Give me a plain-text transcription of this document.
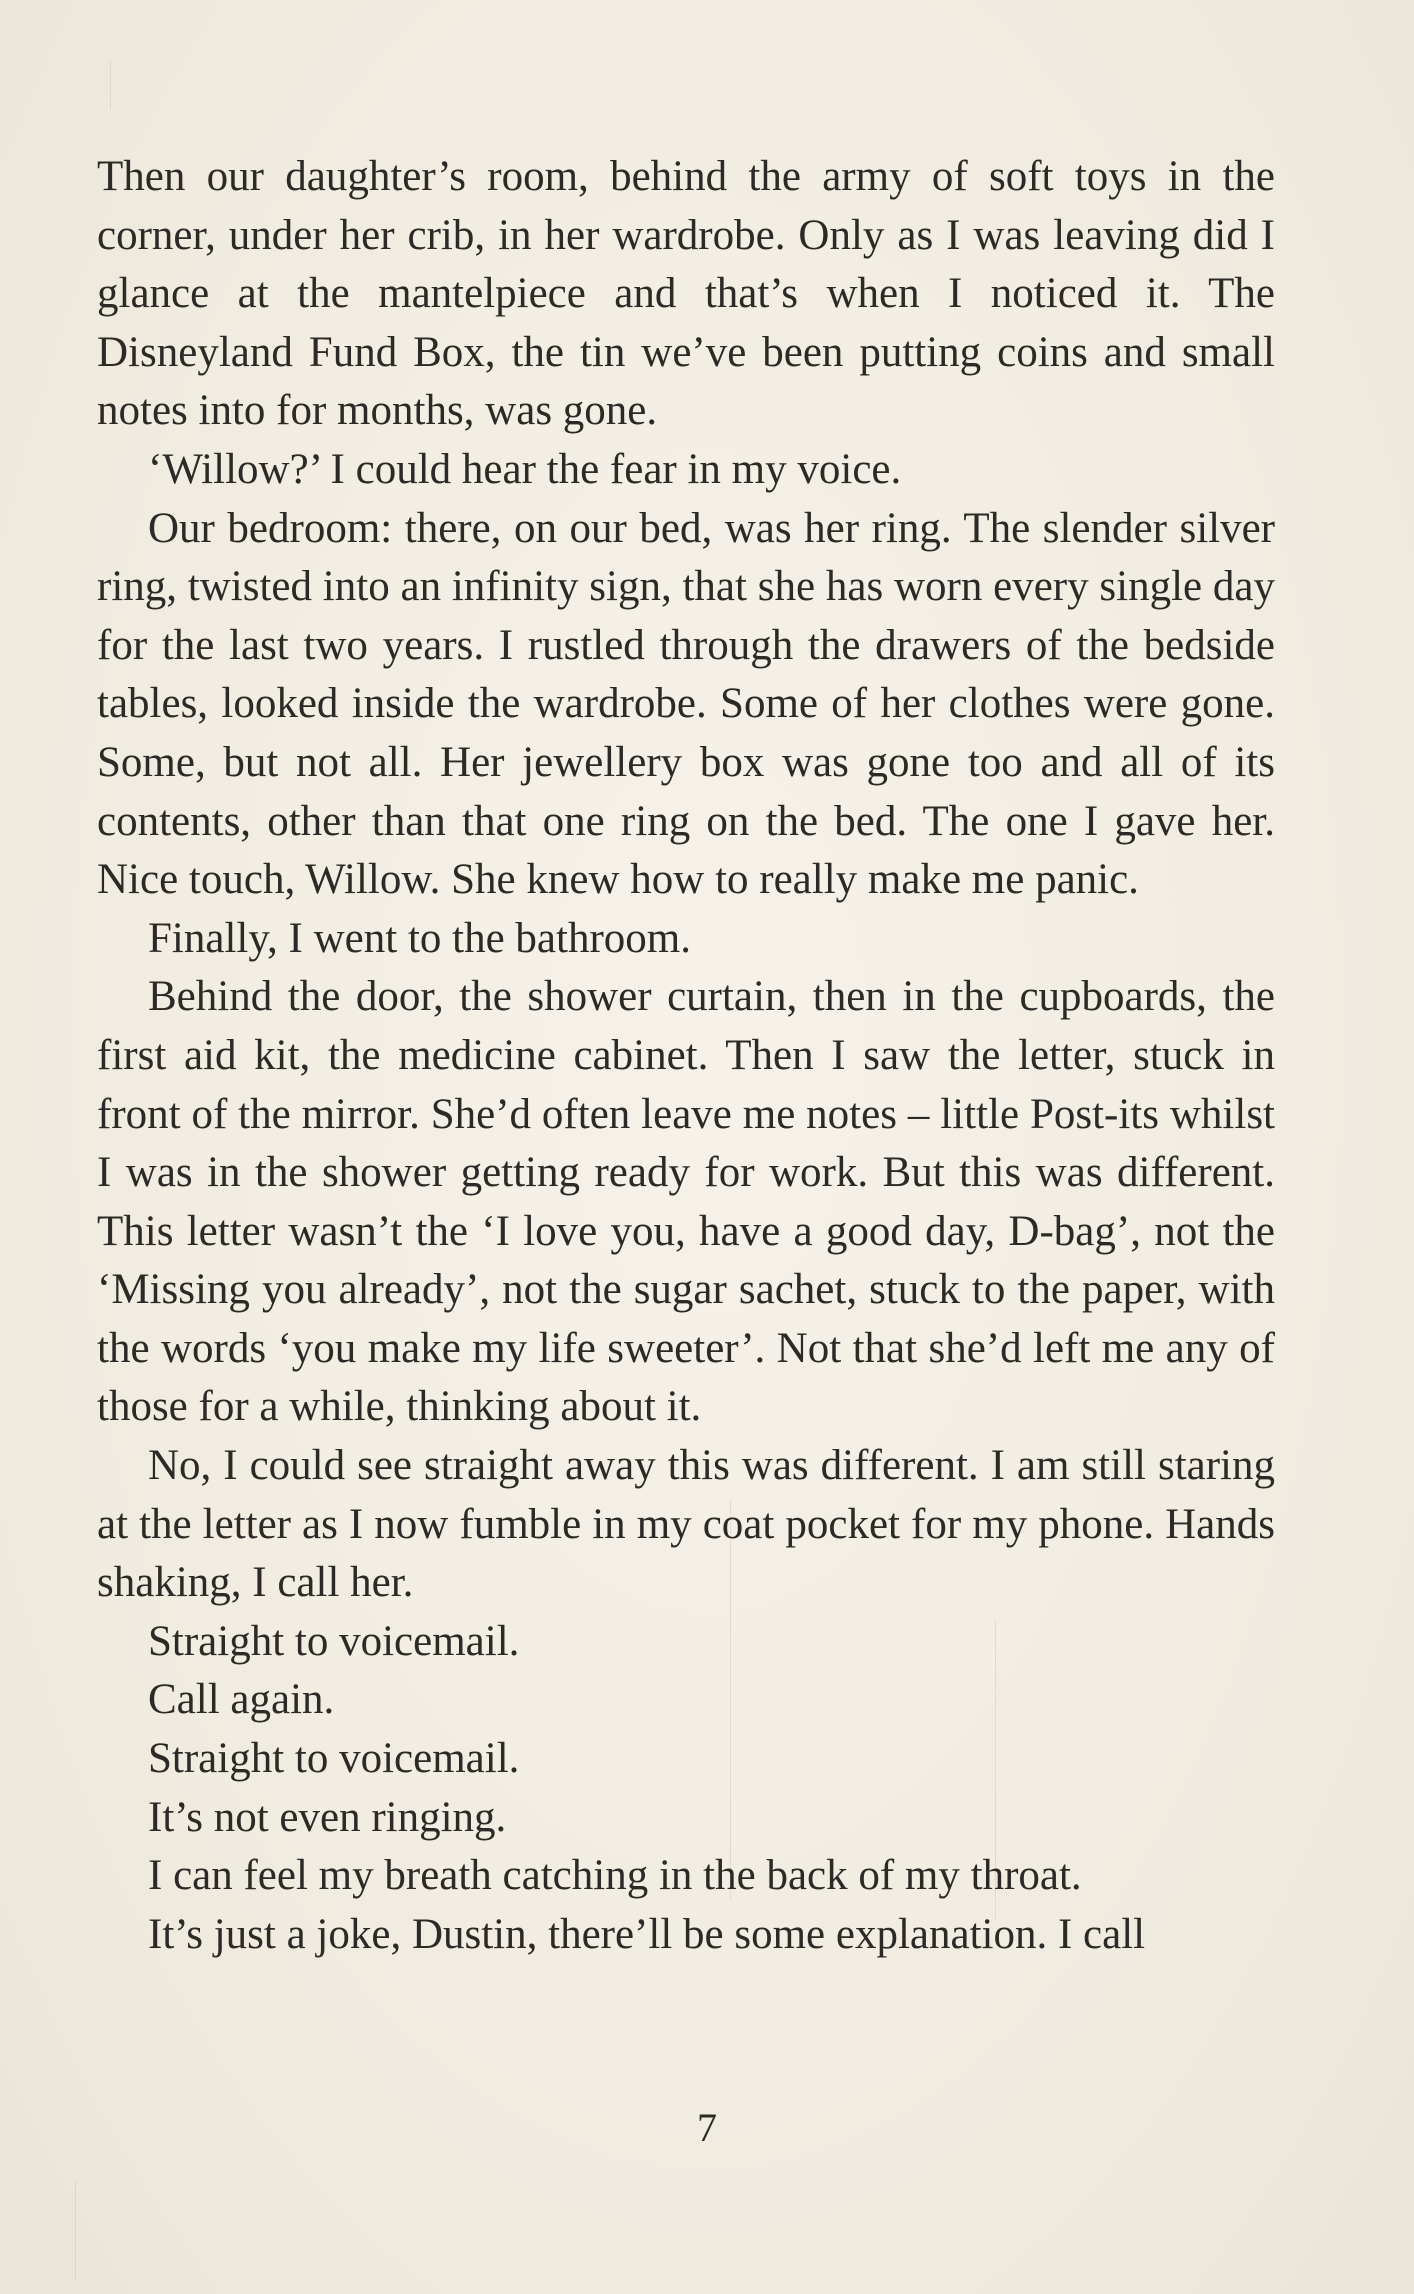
Then our daughter’s room, behind the army of soft toys in the corner, under her crib, in her wardrobe. Only as I was leaving did I glance at the mantelpiece and that’s when I noticed it. The Disneyland Fund Box, the tin we’ve been putting coins and small notes into for months, was gone.

‘Willow?’ I could hear the fear in my voice.

Our bedroom: there, on our bed, was her ring. The slender silver ring, twisted into an infinity sign, that she has worn every single day for the last two years. I rustled through the drawers of the bedside tables, looked inside the wardrobe. Some of her clothes were gone. Some, but not all. Her jewellery box was gone too and all of its contents, other than that one ring on the bed. The one I gave her. Nice touch, Willow. She knew how to really make me panic.

Finally, I went to the bathroom.

Behind the door, the shower curtain, then in the cupboards, the first aid kit, the medicine cabinet. Then I saw the letter, stuck in front of the mirror. She’d often leave me notes – little Post-its whilst I was in the shower getting ready for work. But this was different. This letter wasn’t the ‘I love you, have a good day, D-bag’, not the ‘Missing you already’, not the sugar sachet, stuck to the paper, with the words ‘you make my life sweeter’. Not that she’d left me any of those for a while, thinking about it.

No, I could see straight away this was different. I am still staring at the letter as I now fumble in my coat pocket for my phone. Hands shaking, I call her.

Straight to voicemail.

Call again.

Straight to voicemail.

It’s not even ringing.

I can feel my breath catching in the back of my throat.

It’s just a joke, Dustin, there’ll be some explanation. I call

7
